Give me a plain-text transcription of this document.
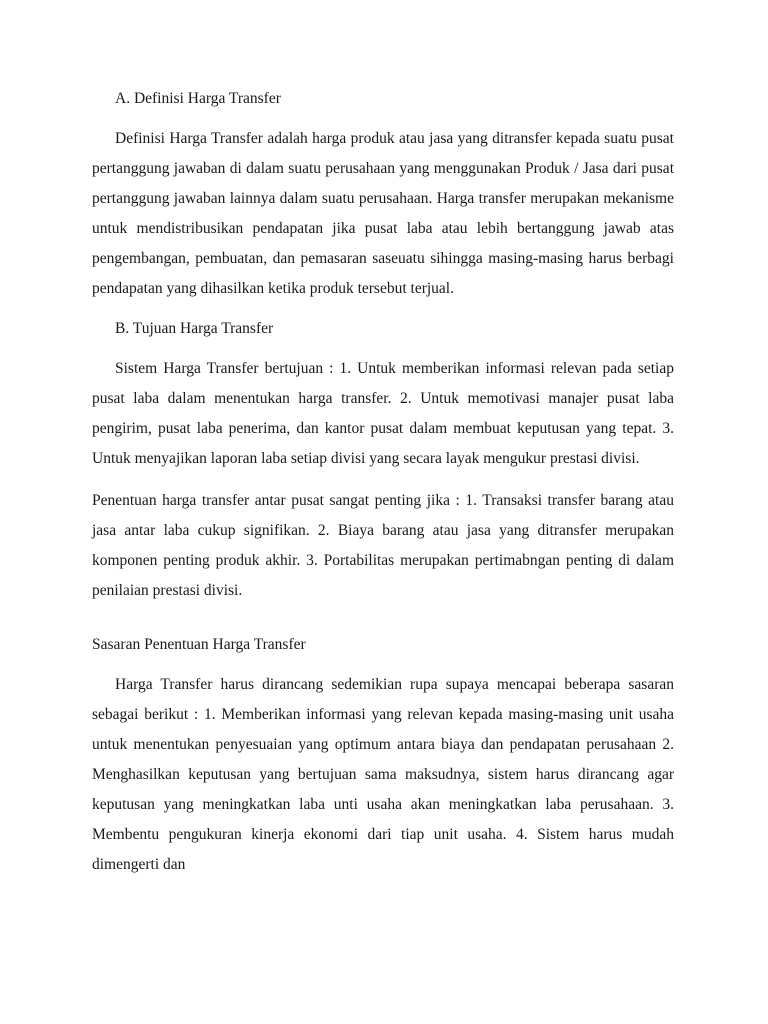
A. Definisi Harga Transfer

Definisi Harga Transfer adalah harga produk atau jasa yang ditransfer kepada suatu pusat pertanggung jawaban di dalam suatu perusahaan yang menggunakan Produk / Jasa dari pusat pertanggung jawaban lainnya dalam suatu perusahaan. Harga transfer merupakan mekanisme untuk mendistribusikan pendapatan jika pusat laba atau lebih bertanggung jawab atas pengembangan, pembuatan, dan pemasaran saseuatu sihingga masing-masing harus berbagi pendapatan yang dihasilkan ketika produk tersebut terjual.

B. Tujuan Harga Transfer

Sistem Harga Transfer bertujuan : 1. Untuk memberikan informasi relevan pada setiap pusat laba dalam menentukan harga transfer. 2. Untuk memotivasi manajer pusat laba pengirim, pusat laba penerima, dan kantor pusat dalam membuat keputusan yang tepat. 3. Untuk menyajikan laporan laba setiap divisi yang secara layak mengukur prestasi divisi.

Penentuan harga transfer antar pusat sangat penting jika : 1. Transaksi transfer barang atau jasa antar laba cukup signifikan. 2. Biaya barang atau jasa yang ditransfer merupakan komponen penting produk akhir. 3. Portabilitas merupakan pertimabngan penting di dalam penilaian prestasi divisi.

Sasaran Penentuan Harga Transfer

Harga Transfer harus dirancang sedemikian rupa supaya mencapai beberapa sasaran sebagai berikut : 1. Memberikan informasi yang relevan kepada masing-masing unit usaha untuk menentukan penyesuaian yang optimum antara biaya dan pendapatan perusahaan 2. Menghasilkan keputusan yang bertujuan sama maksudnya, sistem harus dirancang agar keputusan yang meningkatkan laba unti usaha akan meningkatkan laba perusahaan. 3. Membentu pengukuran kinerja ekonomi dari tiap unit usaha. 4. Sistem harus mudah dimengerti dan
